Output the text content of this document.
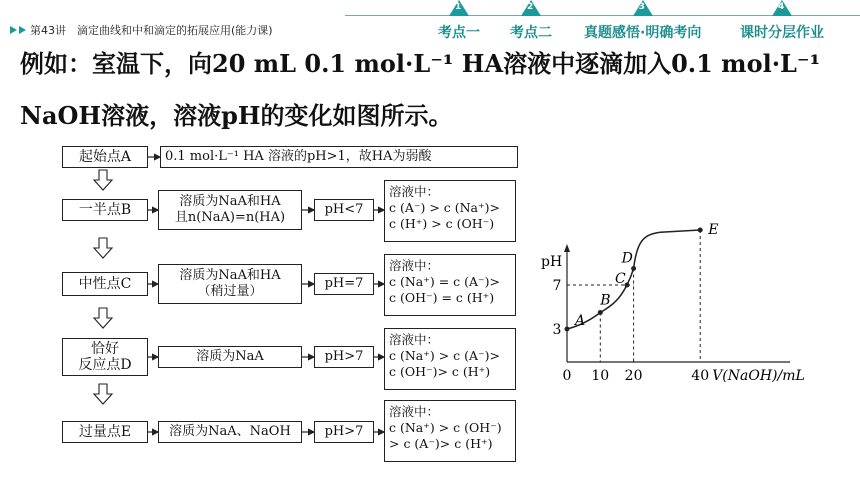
第43讲　滴定曲线和中和滴定的拓展应用(能力课)
1
考点一
2
考点二
3
真题感悟·明确考向
4
课时分层作业
例如：室温下，向20 mL 0.1 mol·L⁻¹ HA溶液中逐滴加入0.1 mol·L⁻¹
NaOH溶液，溶液pH的变化如图所示。
起始点A
一半点B
中性点C
恰好
反应点D
过量点E
0.1 mol·L⁻¹ HA 溶液的pH>1，故HA为弱酸
溶质为NaA和HA
且n(NaA)=n(HA)
溶质为NaA和HA
（稍过量）
溶质为NaA
溶质为NaA、NaOH
pH<7
pH=7
pH>7
pH>7
溶液中：
c (A⁻) > c (Na⁺)>
c (H⁺) > c (OH⁻)
溶液中：
c (Na⁺) = c (A⁻)>
c (OH⁻) = c (H⁺)
溶液中：
c (Na⁺) > c (A⁻)>
c (OH⁻)> c (H⁺)
溶液中：
c (Na⁺) > c (OH⁻)
> c (A⁻)> c (H⁺)
pH
V(NaOH)/mL
0 10 20	40
3
7
A
B
C
D
E
